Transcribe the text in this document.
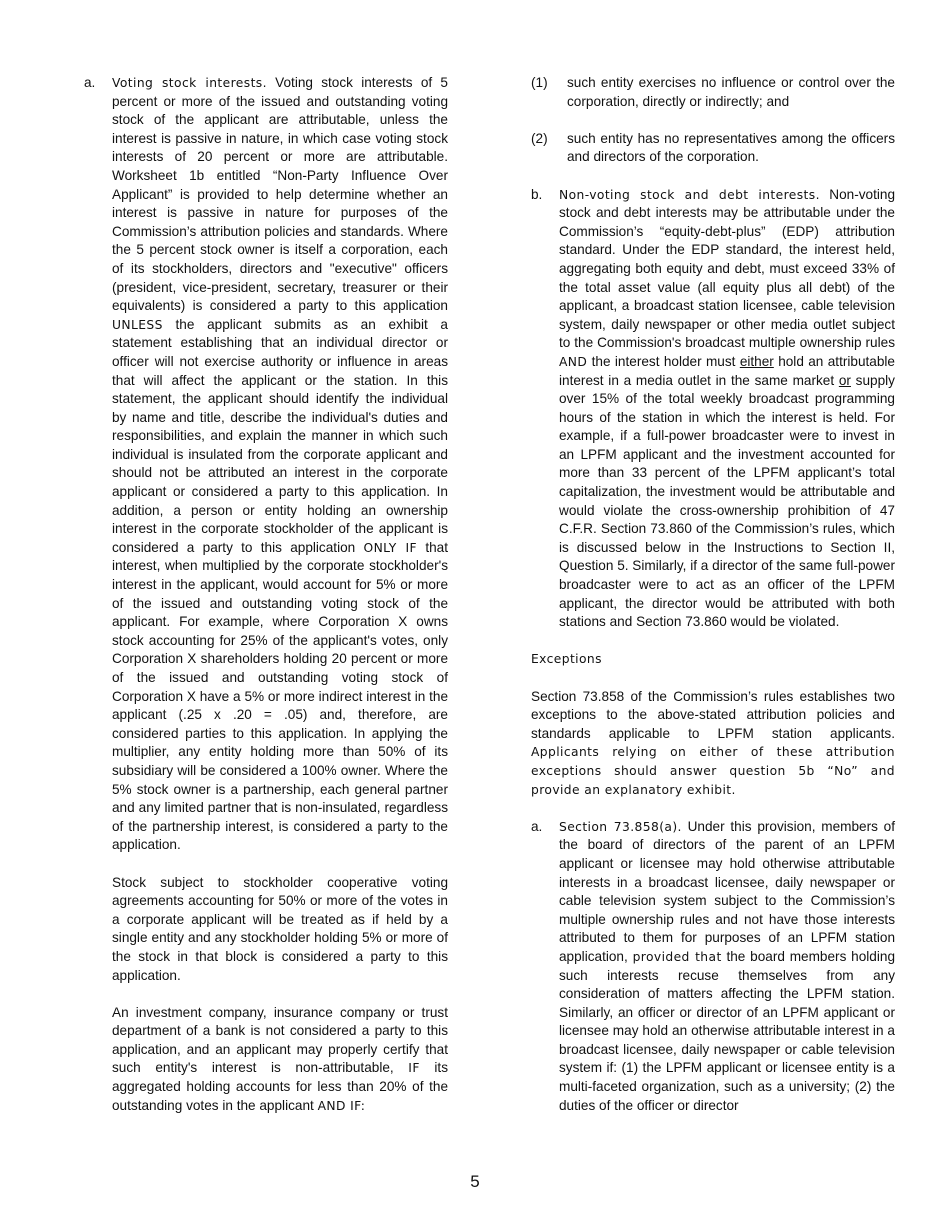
a.	Voting stock interests. Voting stock interests of 5 percent or more of the issued and outstanding voting stock of the applicant are attributable, unless the interest is passive in nature, in which case voting stock interests of 20 percent or more are attributable. Worksheet 1b entitled “Non-Party Influence Over Applicant” is provided to help determine whether an interest is passive in nature for purposes of the Commission’s attribution policies and standards. Where the 5 percent stock owner is itself a corporation, each of its stockholders, directors and "executive" officers (president, vice-president, secretary, treasurer or their equivalents) is considered a party to this application UNLESS the applicant submits as an exhibit a statement establishing that an individual director or officer will not exercise authority or influence in areas that will affect the applicant or the station. In this statement, the applicant should identify the individual by name and title, describe the individual's duties and responsibilities, and explain the manner in which such individual is insulated from the corporate applicant and should not be attributed an interest in the corporate applicant or considered a party to this application. In addition, a person or entity holding an ownership interest in the corporate stockholder of the applicant is considered a party to this application ONLY IF that interest, when multiplied by the corporate stockholder's interest in the applicant, would account for 5% or more of the issued and outstanding voting stock of the applicant. For example, where Corporation X owns stock accounting for 25% of the applicant's votes, only Corporation X shareholders holding 20 percent or more of the issued and outstanding voting stock of Corporation X have a 5% or more indirect interest in the applicant (.25 x .20 = .05) and, therefore, are considered parties to this application. In applying the multiplier, any entity holding more than 50% of its subsidiary will be considered a 100% owner. Where the 5% stock owner is a partnership, each general partner and any limited partner that is non-insulated, regardless of the partnership interest, is considered a party to the application.

Stock subject to stockholder cooperative voting agreements accounting for 50% or more of the votes in a corporate applicant will be treated as if held by a single entity and any stockholder holding 5% or more of the stock in that block is considered a party to this application.

An investment company, insurance company or trust department of a bank is not considered a party to this application, and an applicant may properly certify that such entity's interest is non-attributable, IF its aggregated holding accounts for less than 20% of the outstanding votes in the applicant AND IF:

(1)	such entity exercises no influence or control over the corporation, directly or indirectly; and

(2)	such entity has no representatives among the officers and directors of the corporation.

b.	Non-voting stock and debt interests. Non-voting stock and debt interests may be attributable under the Commission’s “equity-debt-plus” (EDP) attribution standard. Under the EDP standard, the interest held, aggregating both equity and debt, must exceed 33% of the total asset value (all equity plus all debt) of the applicant, a broadcast station licensee, cable television system, daily newspaper or other media outlet subject to the Commission's broadcast multiple ownership rules AND the interest holder must either hold an attributable interest in a media outlet in the same market or supply over 15% of the total weekly broadcast programming hours of the station in which the interest is held. For example, if a full-power broadcaster were to invest in an LPFM applicant and the investment accounted for more than 33 percent of the LPFM applicant’s total capitalization, the investment would be attributable and would violate the cross-ownership prohibition of 47 C.F.R. Section 73.860 of the Commission’s rules, which is discussed below in the Instructions to Section II, Question 5. Similarly, if a director of the same full-power broadcaster were to act as an officer of the LPFM applicant, the director would be attributed with both stations and Section 73.860 would be violated.

Exceptions

Section 73.858 of the Commission’s rules establishes two exceptions to the above-stated attribution policies and standards applicable to LPFM station applicants. Applicants relying on either of these attribution exceptions should answer question 5b “No” and provide an explanatory exhibit.

a.	Section 73.858(a). Under this provision, members of the board of directors of the parent of an LPFM applicant or licensee may hold otherwise attributable interests in a broadcast licensee, daily newspaper or cable television system subject to the Commission’s multiple ownership rules and not have those interests attributed to them for purposes of an LPFM station application, provided that the board members holding such interests recuse themselves from any consideration of matters affecting the LPFM station. Similarly, an officer or director of an LPFM applicant or licensee may hold an otherwise attributable interest in a broadcast licensee, daily newspaper or cable television system if: (1) the LPFM applicant or licensee entity is a multi-faceted organization, such as a university; (2) the duties of the officer or director

5
